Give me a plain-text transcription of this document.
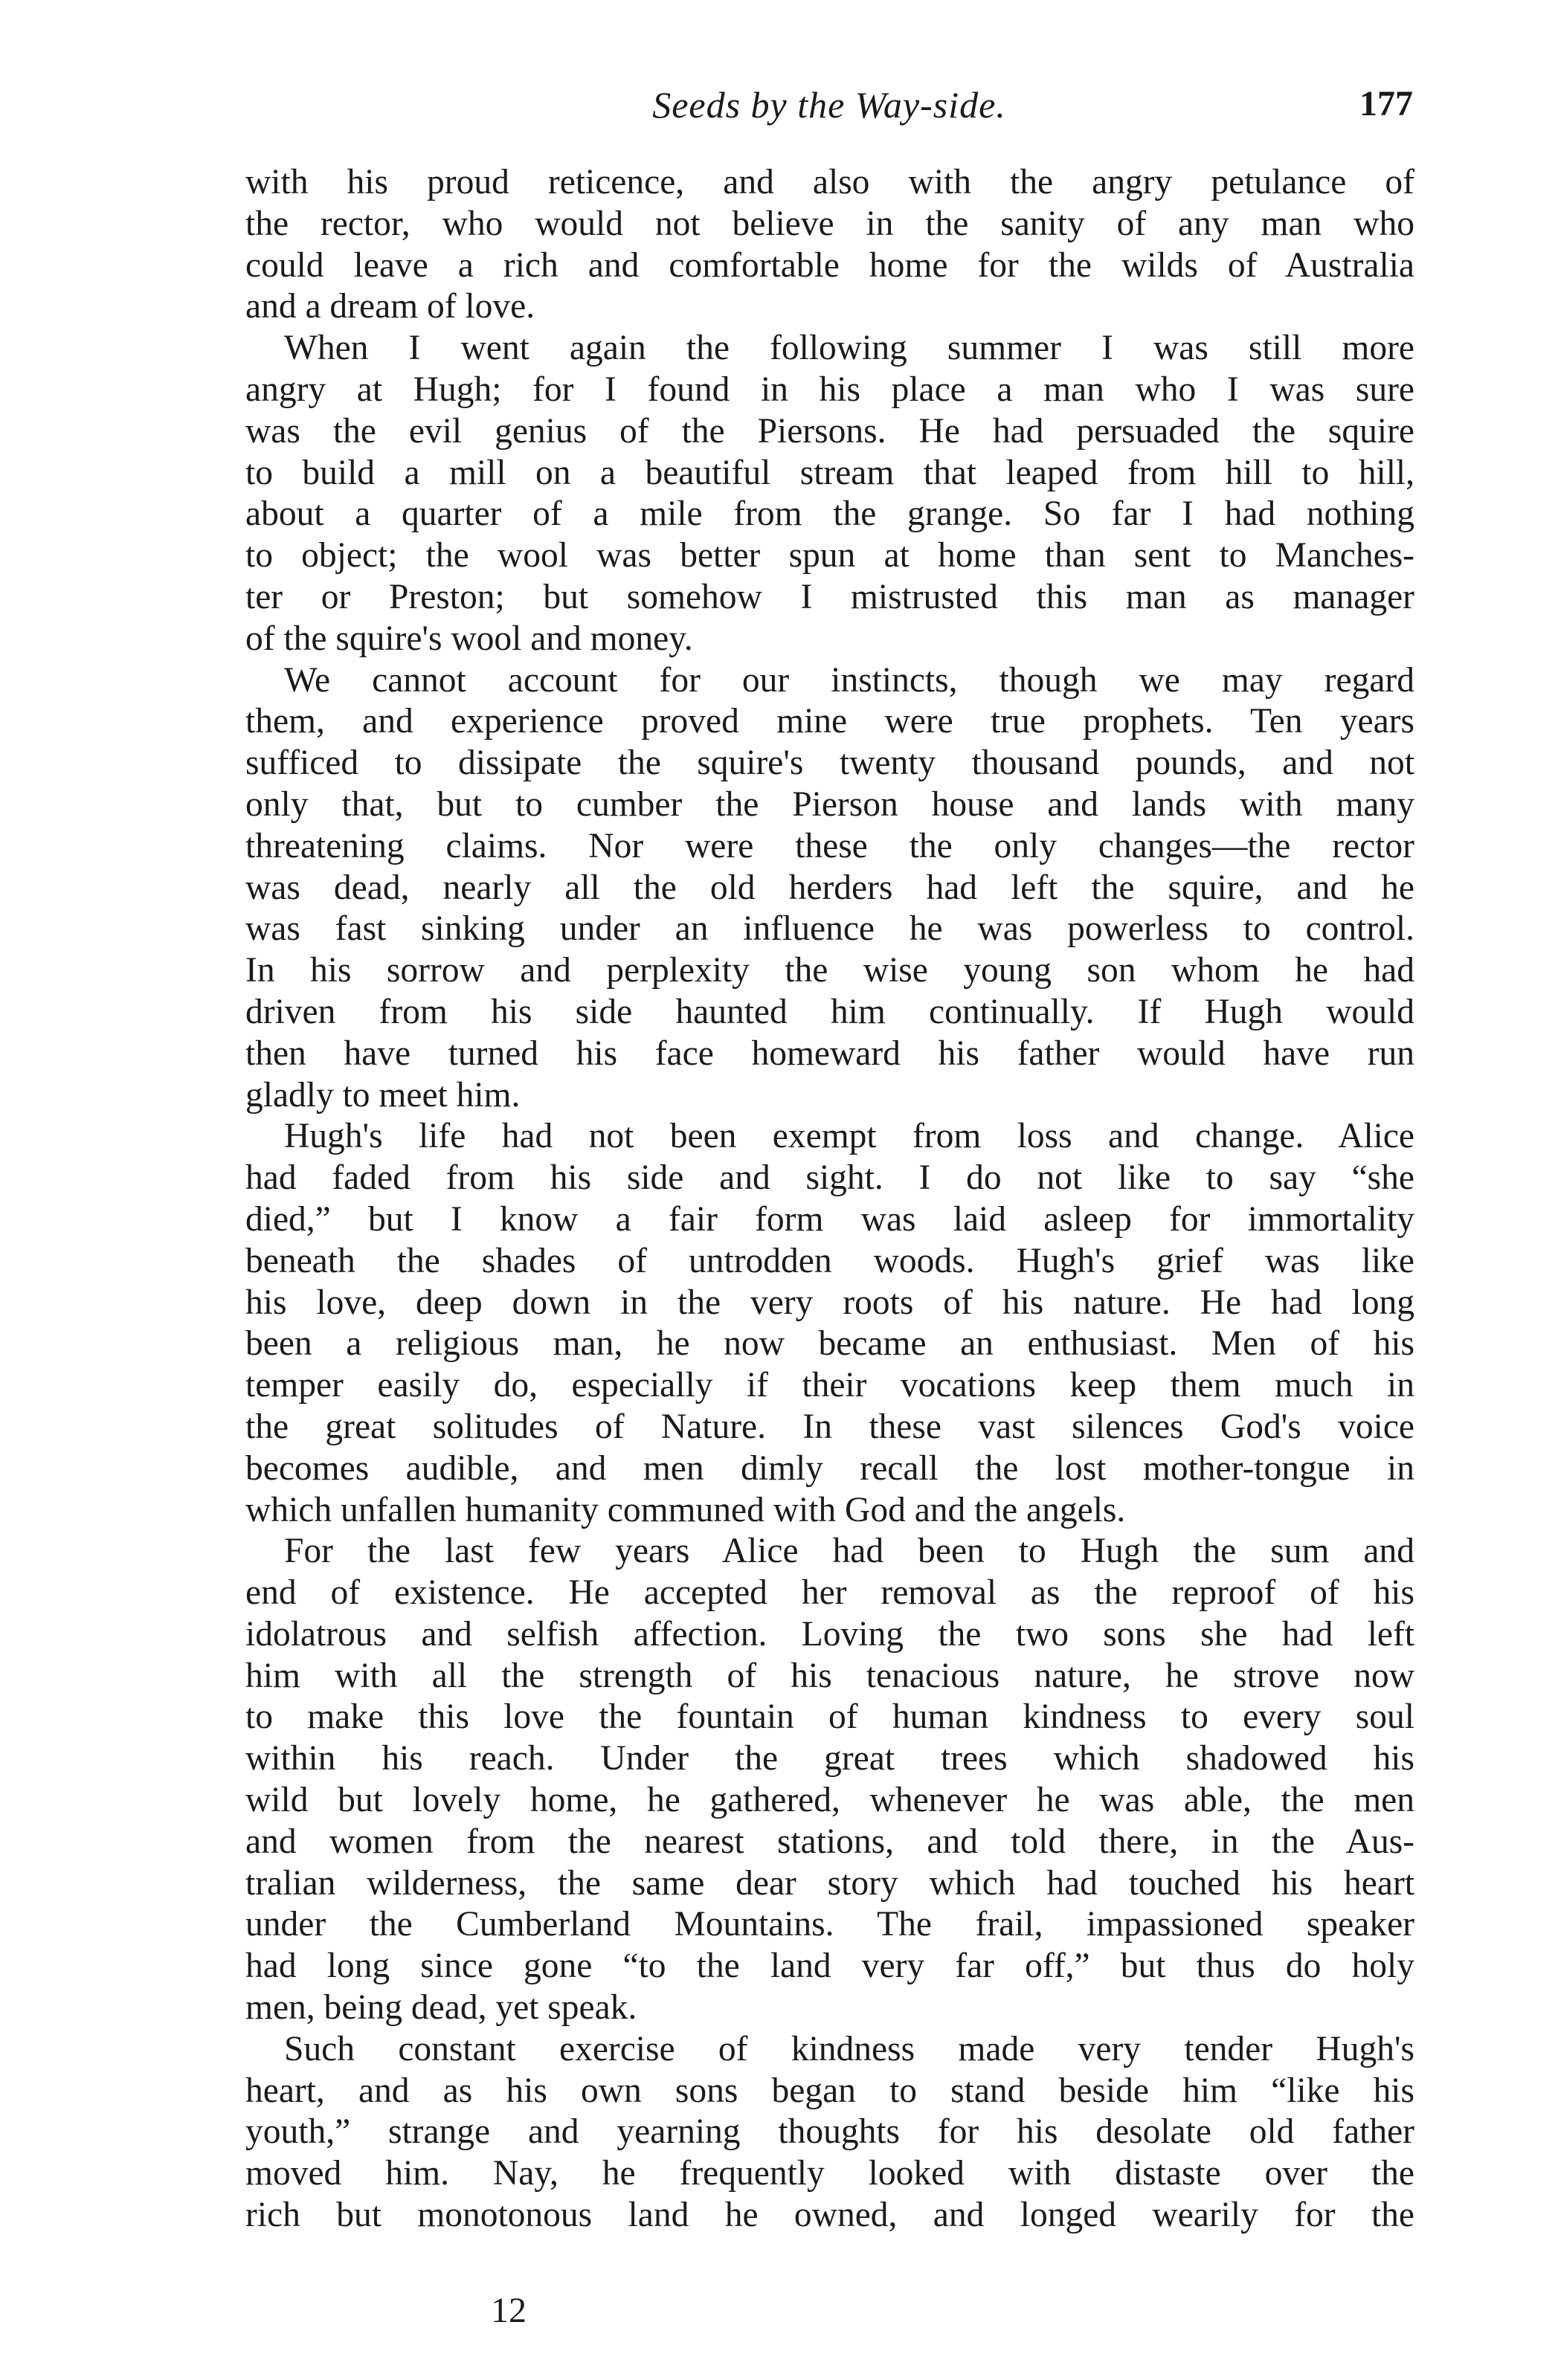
Seeds by the Way-side.	177
with his proud reticence, and also with the angry petulance of
the rector, who would not believe in the sanity of any man who
could leave a rich and comfortable home for the wilds of Australia
and a dream of love.
When I went again the following summer I was still more
angry at Hugh; for I found in his place a man who I was sure
was the evil genius of the Piersons. He had persuaded the squire
to build a mill on a beautiful stream that leaped from hill to hill,
about a quarter of a mile from the grange. So far I had nothing
to object; the wool was better spun at home than sent to Manches-
ter or Preston; but somehow I mistrusted this man as manager
of the squire's wool and money.
We cannot account for our instincts, though we may regard
them, and experience proved mine were true prophets. Ten years
sufficed to dissipate the squire's twenty thousand pounds, and not
only that, but to cumber the Pierson house and lands with many
threatening claims. Nor were these the only changes—the rector
was dead, nearly all the old herders had left the squire, and he
was fast sinking under an influence he was powerless to control.
In his sorrow and perplexity the wise young son whom he had
driven from his side haunted him continually. If Hugh would
then have turned his face homeward his father would have run
gladly to meet him.
Hugh's life had not been exempt from loss and change. Alice
had faded from his side and sight. I do not like to say “she
died,” but I know a fair form was laid asleep for immortality
beneath the shades of untrodden woods. Hugh's grief was like
his love, deep down in the very roots of his nature. He had long
been a religious man, he now became an enthusiast. Men of his
temper easily do, especially if their vocations keep them much in
the great solitudes of Nature. In these vast silences God's voice
becomes audible, and men dimly recall the lost mother-tongue in
which unfallen humanity communed with God and the angels.
For the last few years Alice had been to Hugh the sum and
end of existence. He accepted her removal as the reproof of his
idolatrous and selfish affection. Loving the two sons she had left
him with all the strength of his tenacious nature, he strove now
to make this love the fountain of human kindness to every soul
within his reach. Under the great trees which shadowed his
wild but lovely home, he gathered, whenever he was able, the men
and women from the nearest stations, and told there, in the Aus-
tralian wilderness, the same dear story which had touched his heart
under the Cumberland Mountains. The frail, impassioned speaker
had long since gone “to the land very far off,” but thus do holy
men, being dead, yet speak.
Such constant exercise of kindness made very tender Hugh's
heart, and as his own sons began to stand beside him “like his
youth,” strange and yearning thoughts for his desolate old father
moved him. Nay, he frequently looked with distaste over the
rich but monotonous land he owned, and longed wearily for the
12
